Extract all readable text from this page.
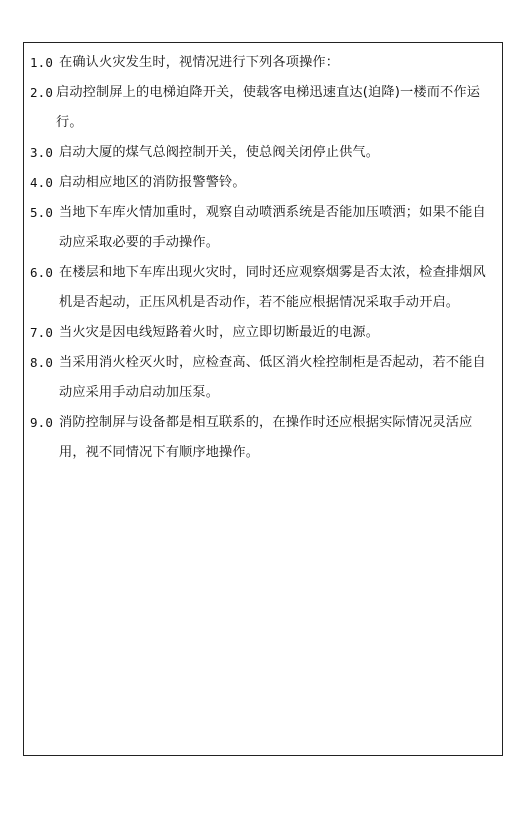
1.0 在确认火灾发生时，视情况进行下列各项操作：
2.0 启动控制屏上的电梯迫降开关，使载客电梯迅速直达(迫降)一楼而不作运行。
3.0 启动大厦的煤气总阀控制开关，使总阀关闭停止供气。
4.0 启动相应地区的消防报警警铃。
5.0 当地下车库火情加重时，观察自动喷洒系统是否能加压喷洒；如果不能自动应采取必要的手动操作。
6.0 在楼层和地下车库出现火灾时，同时还应观察烟雾是否太浓，检查排烟风机是否起动，正压风机是否动作，若不能应根据情况采取手动开启。
7.0 当火灾是因电线短路着火时，应立即切断最近的电源。
8.0 当采用消火栓灭火时，应检查高、低区消火栓控制柜是否起动，若不能自动应采用手动启动加压泵。
9.0 消防控制屏与设备都是相互联系的，在操作时还应根据实际情况灵活应用，视不同情况下有顺序地操作。
